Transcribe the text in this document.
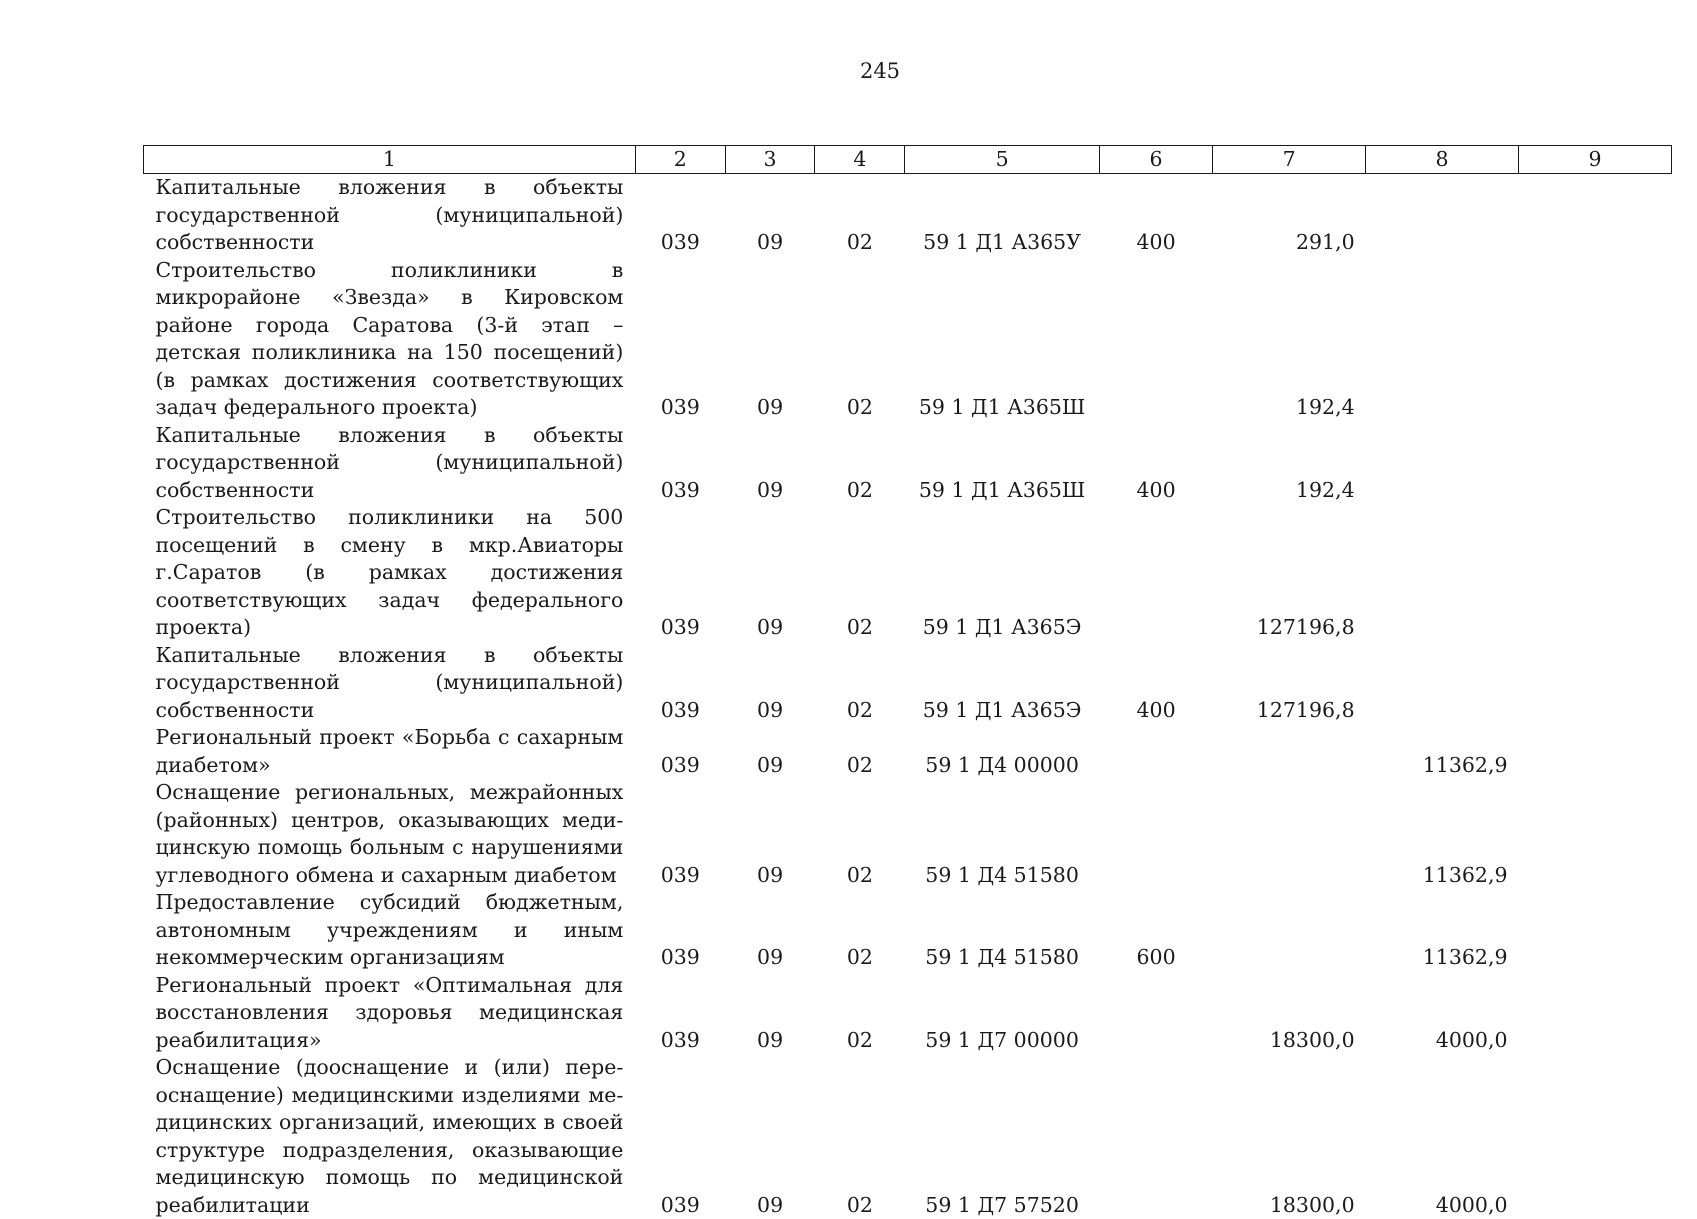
245
1	2	3	4	5	6	7	8	9
Капитальные вложения в объекты государственной (муниципальной) собственности	039	09	02	59 1 Д1 А365У	400	291,0		
Строительство поликлиники в микрорайоне «Звезда» в Кировском районе города Саратова (3-й этап – детская поликлиника на 150 посещений) (в рамках достижения соответствующих задач федерального проекта)	039	09	02	59 1 Д1 А365Ш		192,4		
Капитальные вложения в объекты государственной (муниципальной) собственности	039	09	02	59 1 Д1 А365Ш	400	192,4		
Строительство поликлиники на 500 посещений в смену в мкр.Авиаторы г.Саратов (в рамках достижения соответствующих задач федерального проекта)	039	09	02	59 1 Д1 А365Э		127196,8		
Капитальные вложения в объекты государственной (муниципальной) собственности	039	09	02	59 1 Д1 А365Э	400	127196,8		
Региональный проект «Борьба с сахарным диабетом»	039	09	02	59 1 Д4 00000			11362,9	
Оснащение региональных, межрайонных (районных) центров, оказывающих медицинскую помощь больным с нарушениями углеводного обмена и сахарным диабетом	039	09	02	59 1 Д4 51580			11362,9	
Предоставление субсидий бюджетным, автономным учреждениям и иным некоммерческим организациям	039	09	02	59 1 Д4 51580	600		11362,9	
Региональный проект «Оптимальная для восстановления здоровья медицинская реабилитация»	039	09	02	59 1 Д7 00000		18300,0	4000,0	
Оснащение (дооснащение и (или) переоснащение) медицинскими изделиями медицинских организаций, имеющих в своей структуре подразделения, оказывающие медицинскую помощь по медицинской реабилитации	039	09	02	59 1 Д7 57520		18300,0	4000,0	
